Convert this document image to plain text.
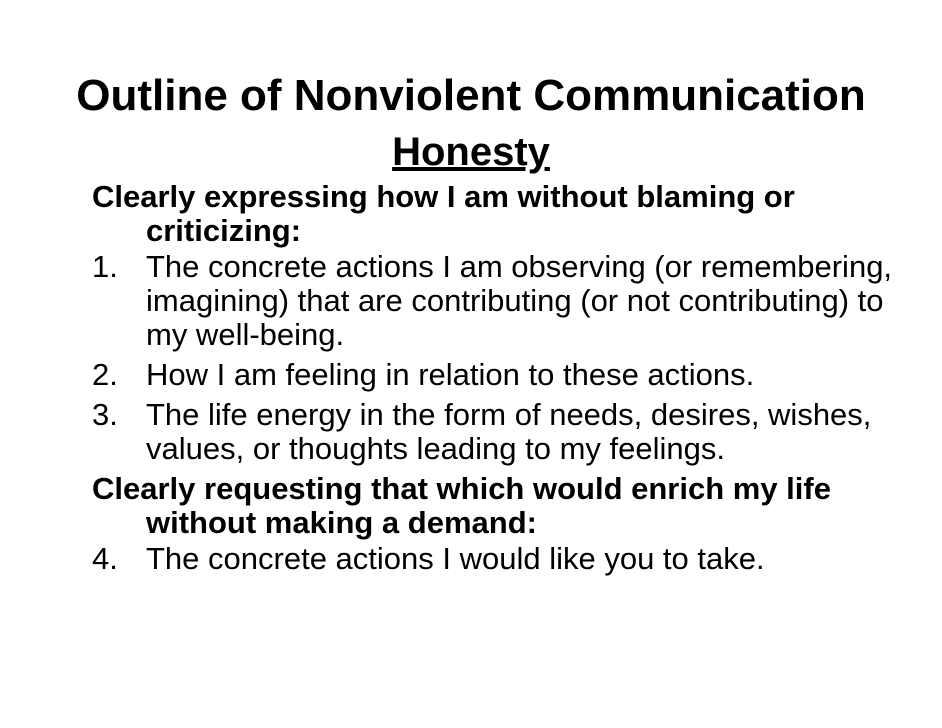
Outline of Nonviolent Communication
Honesty

Clearly expressing how I am without blaming or criticizing:

1. The concrete actions I am observing (or remembering, imagining) that are contributing (or not contributing) to my well-being.
2. How I am feeling in relation to these actions.
3. The life energy in the form of needs, desires, wishes, values, or thoughts leading to my feelings.

Clearly requesting that which would enrich my life without making a demand:

4. The concrete actions I would like you to take.
